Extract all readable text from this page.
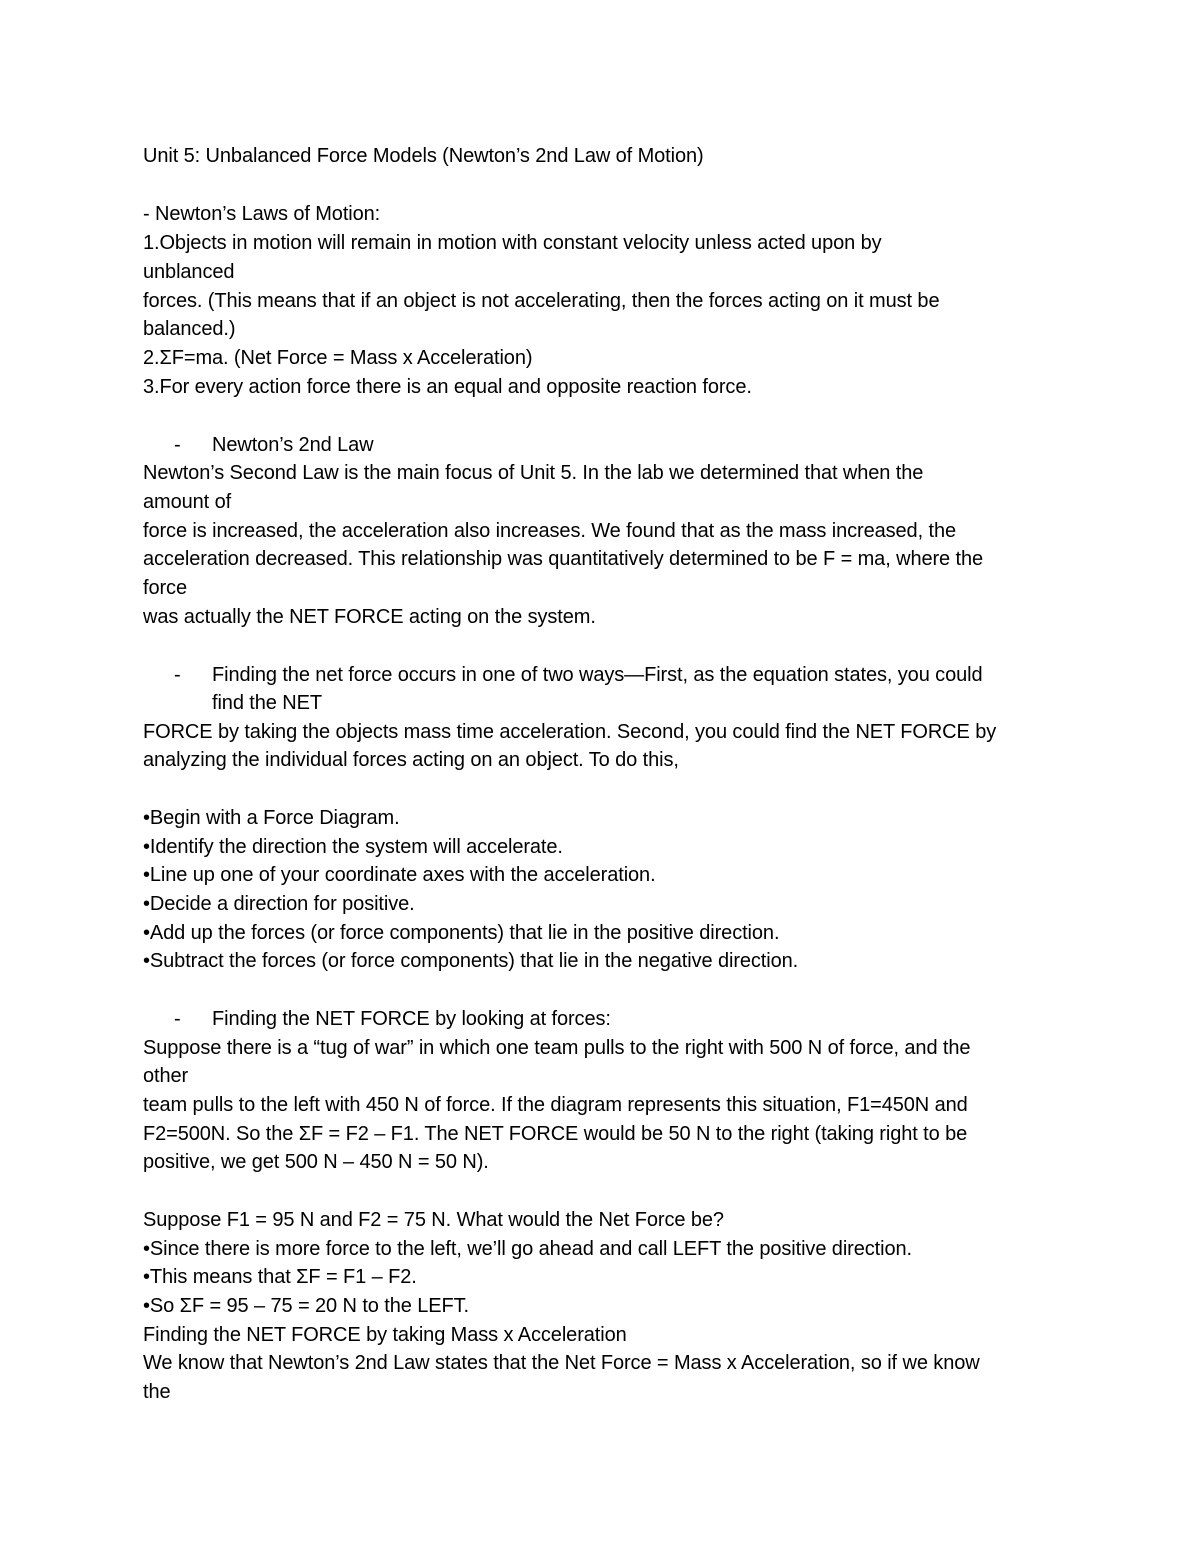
Unit 5: Unbalanced Force Models (Newton’s 2nd Law of Motion)
- Newton’s Laws of Motion:
1.Objects in motion will remain in motion with constant velocity unless acted upon by
unblanced
forces. (This means that if an object is not accelerating, then the forces acting on it must be
balanced.)
2.ΣF=ma. (Net Force = Mass x Acceleration)
3.For every action force there is an equal and opposite reaction force.
- Newton’s 2nd Law
Newton’s Second Law is the main focus of Unit 5. In the lab we determined that when the
amount of
force is increased, the acceleration also increases. We found that as the mass increased, the
acceleration decreased. This relationship was quantitatively determined to be F = ma, where the
force
was actually the NET FORCE acting on the system.
- Finding the net force occurs in one of two ways—First, as the equation states, you could
find the NET
FORCE by taking the objects mass time acceleration. Second, you could find the NET FORCE by
analyzing the individual forces acting on an object. To do this,
•Begin with a Force Diagram.
•Identify the direction the system will accelerate.
•Line up one of your coordinate axes with the acceleration.
•Decide a direction for positive.
•Add up the forces (or force components) that lie in the positive direction.
•Subtract the forces (or force components) that lie in the negative direction.
- Finding the NET FORCE by looking at forces:
Suppose there is a “tug of war” in which one team pulls to the right with 500 N of force, and the
other
team pulls to the left with 450 N of force. If the diagram represents this situation, F1=450N and
F2=500N. So the ΣF = F2 – F1. The NET FORCE would be 50 N to the right (taking right to be
positive, we get 500 N – 450 N = 50 N).
Suppose F1 = 95 N and F2 = 75 N. What would the Net Force be?
•Since there is more force to the left, we’ll go ahead and call LEFT the positive direction.
•This means that ΣF = F1 – F2.
•So ΣF = 95 – 75 = 20 N to the LEFT.
Finding the NET FORCE by taking Mass x Acceleration
We know that Newton’s 2nd Law states that the Net Force = Mass x Acceleration, so if we know
the
